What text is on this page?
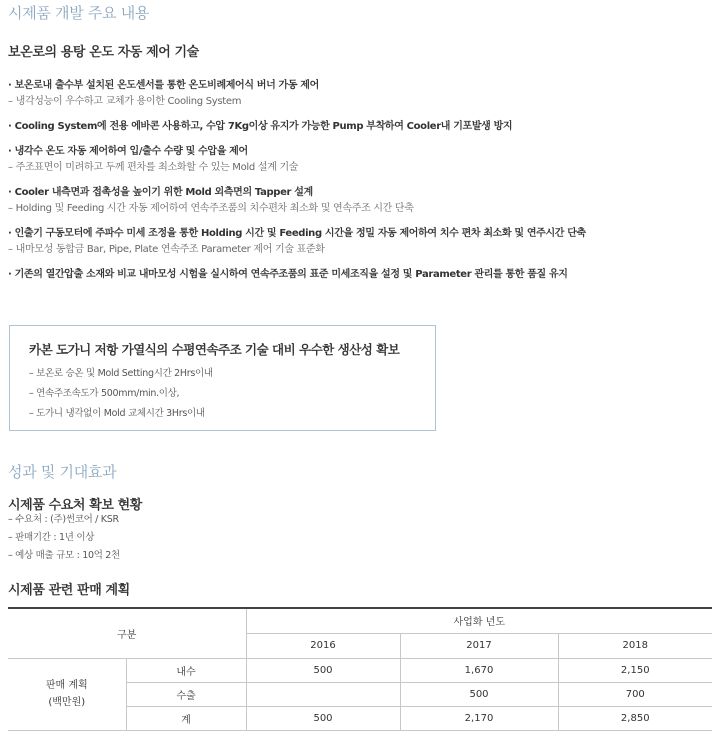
시제품 개발 주요 내용
보온로의 용탕 온도 자동 제어 기술
· 보온로내 출수부 설치된 온도센서를 통한 온도비례제어식 버너 가동 제어
– 냉각성능이 우수하고 교체가 용이한 Cooling System
· Cooling System에 전용 에바콘 사용하고, 수압 7Kg이상 유지가 가능한 Pump 부착하여 Cooler내 기포발생 방지
· 냉각수 온도 자동 제어하여 입/출수 수량 및 수압을 제어
– 주조표면이 미려하고 두께 편차를 최소화할 수 있는 Mold 설계 기술
· Cooler 내측면과 접촉성을 높이기 위한 Mold 외측면의 Tapper 설계
– Holding 및 Feeding 시간 자동 제어하여 연속주조품의 치수편차 최소화 및 연속주조 시간 단축
· 인출기 구동모터에 주파수 미세 조정을 통한 Holding 시간 및 Feeding 시간을 정밀 자동 제어하여 치수 편차 최소화 및 연주시간 단축
– 내마모성 동합금 Bar, Pipe, Plate 연속주조 Parameter 제어 기술 표준화
· 기존의 열간압출 소재와 비교 내마모성 시험을 실시하여 연속주조품의 표준 미세조직을 설정 및 Parameter 관리를 통한 품질 유지
카본 도가니 저항 가열식의 수평연속주조 기술 대비 우수한 생산성 확보
– 보온로 승온 및 Mold Setting시간 2Hrs이내
– 연속주조속도가 500mm/min.이상,
– 도가니 냉각없이 Mold 교체시간 3Hrs이내
성과 및 기대효과
시제품 수요처 확보 현황
– 수요처 : (주)썬코어 / KSR
– 판매기간 : 1년 이상
– 예상 매출 규모 : 10억 2천
시제품 관련 판매 계획
구분		사업화 년도		
		2016	2017	2018
판매 계획
(백만원)	내수	500	1,670	2,150
	수출		500	700
	계	500	2,170	2,850
